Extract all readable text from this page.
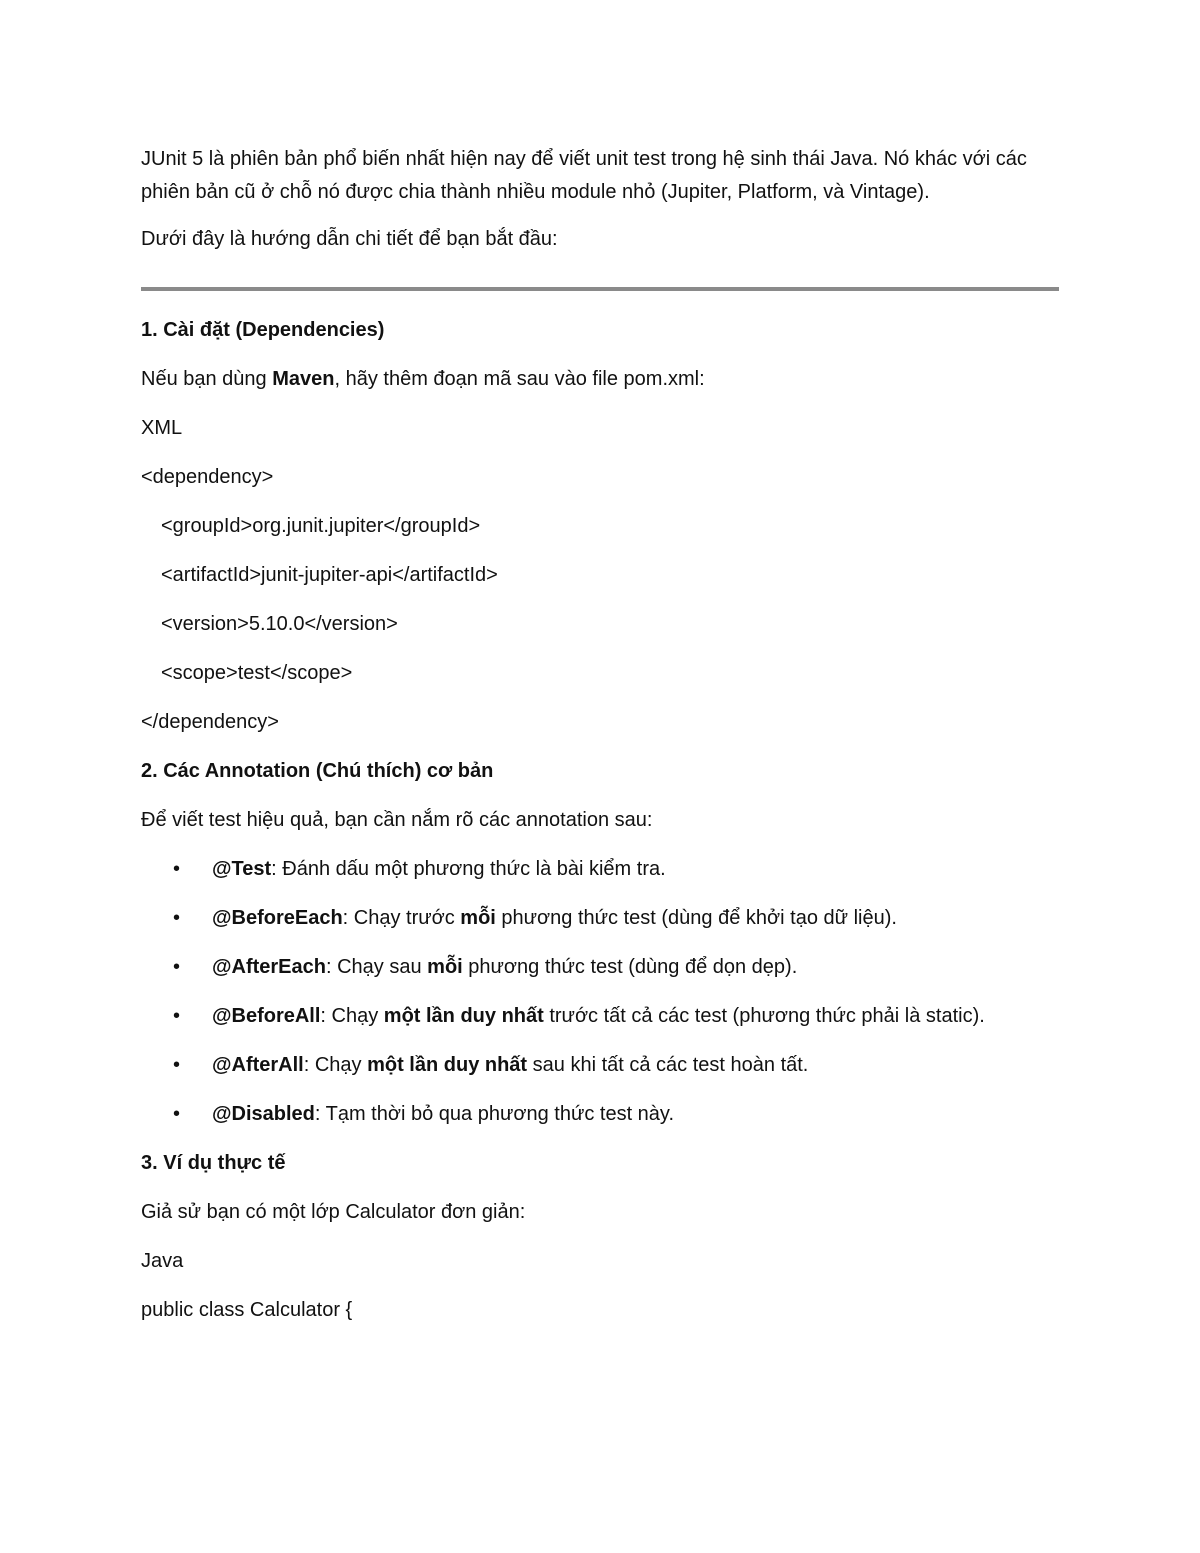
JUnit 5 là phiên bản phổ biến nhất hiện nay để viết unit test trong hệ sinh thái Java. Nó khác với các phiên bản cũ ở chỗ nó được chia thành nhiều module nhỏ (Jupiter, Platform, và Vintage).

Dưới đây là hướng dẫn chi tiết để bạn bắt đầu:

1. Cài đặt (Dependencies)
Nếu bạn dùng Maven, hãy thêm đoạn mã sau vào file pom.xml:
XML
<dependency>
<groupId>org.junit.jupiter</groupId>
<artifactId>junit-jupiter-api</artifactId>
<version>5.10.0</version>
<scope>test</scope>
</dependency>
2. Các Annotation (Chú thích) cơ bản
Để viết test hiệu quả, bạn cần nắm rõ các annotation sau:
• @Test: Đánh dấu một phương thức là bài kiểm tra.
• @BeforeEach: Chạy trước mỗi phương thức test (dùng để khởi tạo dữ liệu).
• @AfterEach: Chạy sau mỗi phương thức test (dùng để dọn dẹp).
• @BeforeAll: Chạy một lần duy nhất trước tất cả các test (phương thức phải là static).
• @AfterAll: Chạy một lần duy nhất sau khi tất cả các test hoàn tất.
• @Disabled: Tạm thời bỏ qua phương thức test này.
3. Ví dụ thực tế
Giả sử bạn có một lớp Calculator đơn giản:
Java
public class Calculator {
